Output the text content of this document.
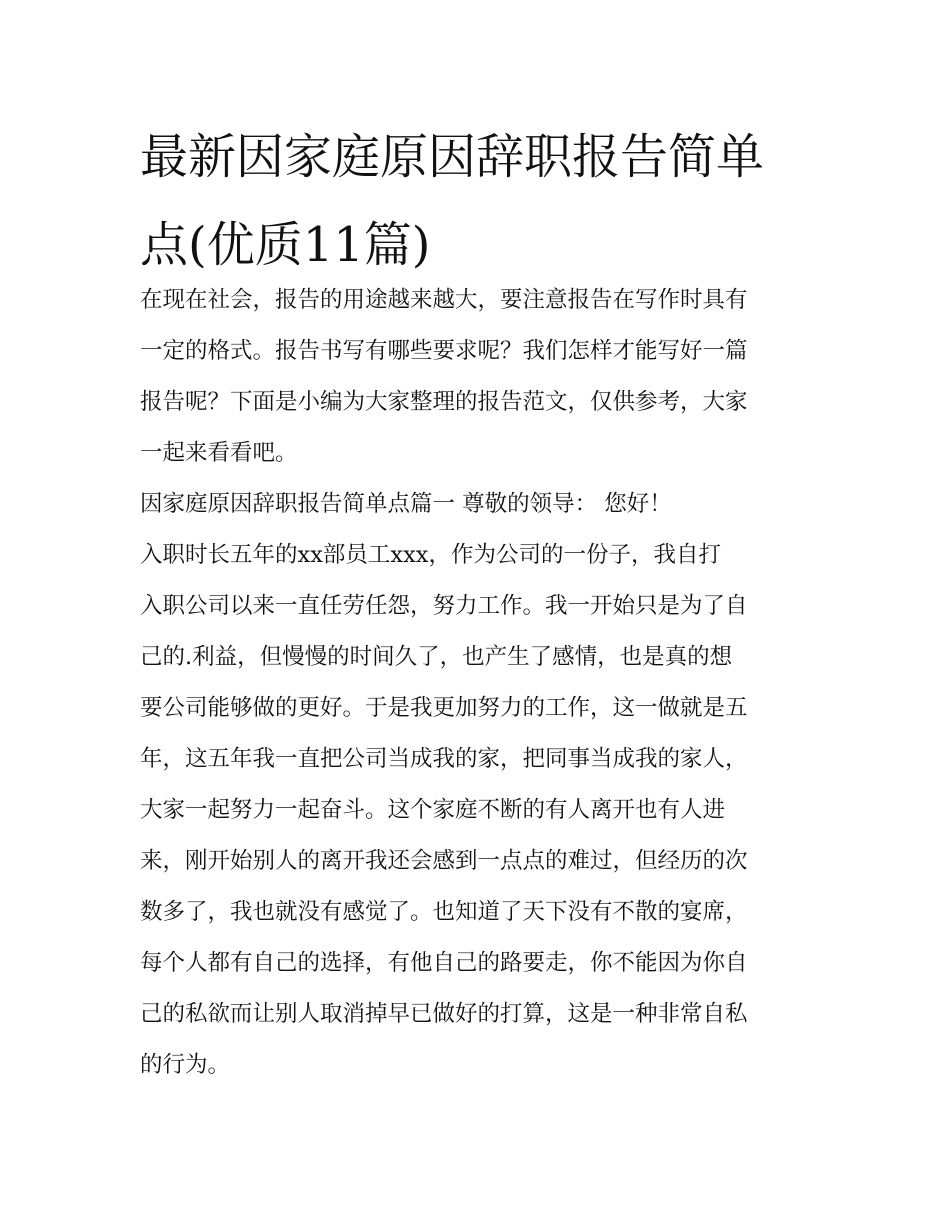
最新因家庭原因辞职报告简单
点(优质11篇)
在现在社会，报告的用途越来越大，要注意报告在写作时具有
一定的格式。报告书写有哪些要求呢？我们怎样才能写好一篇
报告呢？下面是小编为大家整理的报告范文，仅供参考，大家
一起来看看吧。
因家庭原因辞职报告简单点篇一 尊敬的领导： 您好！
入职时长五年的xx部员工xxx，作为公司的一份子，我自打
入职公司以来一直任劳任怨，努力工作。我一开始只是为了自
己的.利益，但慢慢的时间久了，也产生了感情，也是真的想
要公司能够做的更好。于是我更加努力的工作，这一做就是五
年，这五年我一直把公司当成我的家，把同事当成我的家人，
大家一起努力一起奋斗。这个家庭不断的有人离开也有人进
来，刚开始别人的离开我还会感到一点点的难过，但经历的次
数多了，我也就没有感觉了。也知道了天下没有不散的宴席，
每个人都有自己的选择，有他自己的路要走，你不能因为你自
己的私欲而让别人取消掉早已做好的打算，这是一种非常自私
的行为。
